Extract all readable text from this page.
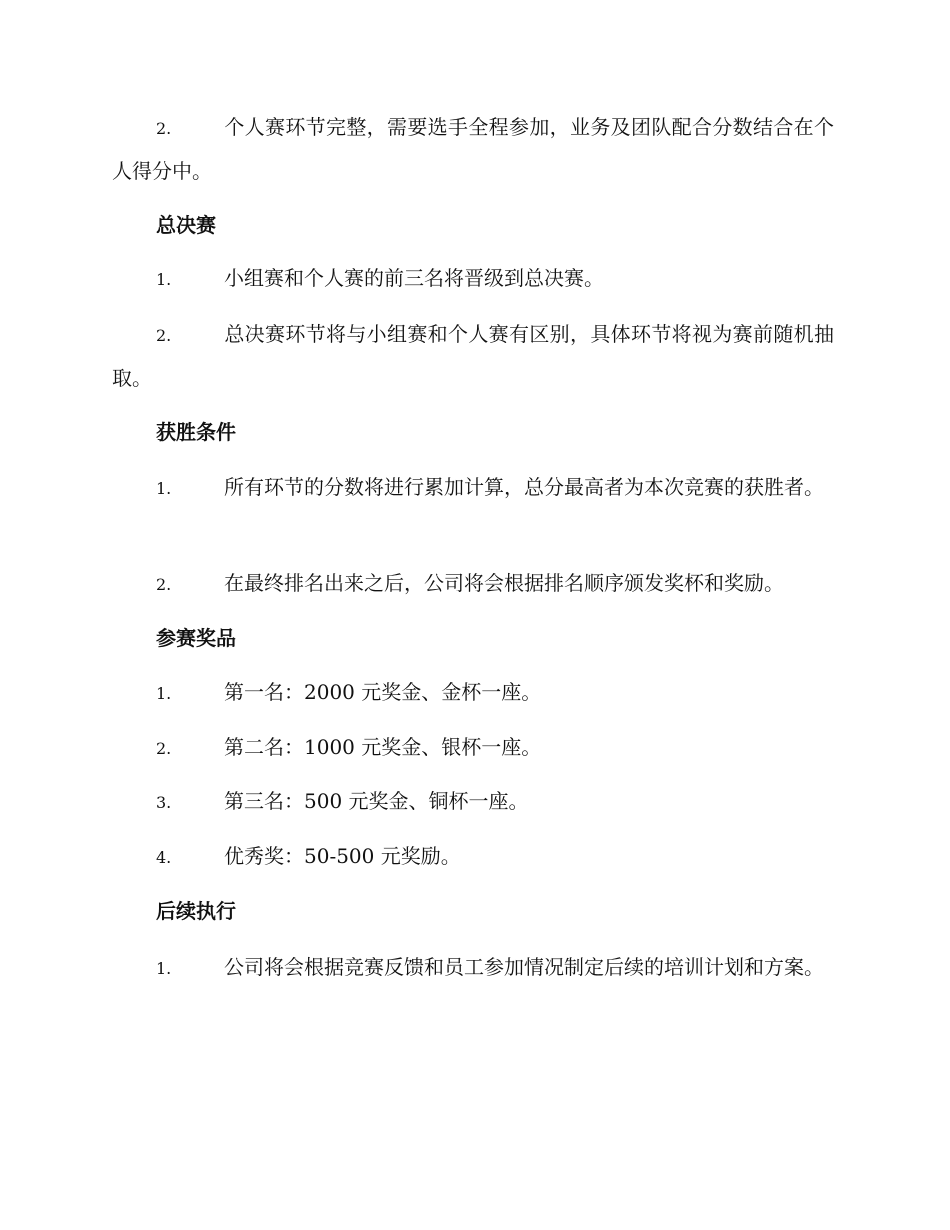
2.	个人赛环节完整，需要选手全程参加，业务及团队配合分数结合在个人得分中。
总决赛
1.	小组赛和个人赛的前三名将晋级到总决赛。
2.	总决赛环节将与小组赛和个人赛有区别，具体环节将视为赛前随机抽取。
获胜条件
1.	所有环节的分数将进行累加计算，总分最高者为本次竞赛的获胜者。
2.	在最终排名出来之后，公司将会根据排名顺序颁发奖杯和奖励。
参赛奖品
1.	第一名：2000 元奖金、金杯一座。
2.	第二名：1000 元奖金、银杯一座。
3.	第三名：500 元奖金、铜杯一座。
4.	优秀奖：50-500 元奖励。
后续执行
1.	公司将会根据竞赛反馈和员工参加情况制定后续的培训计划和方案。
